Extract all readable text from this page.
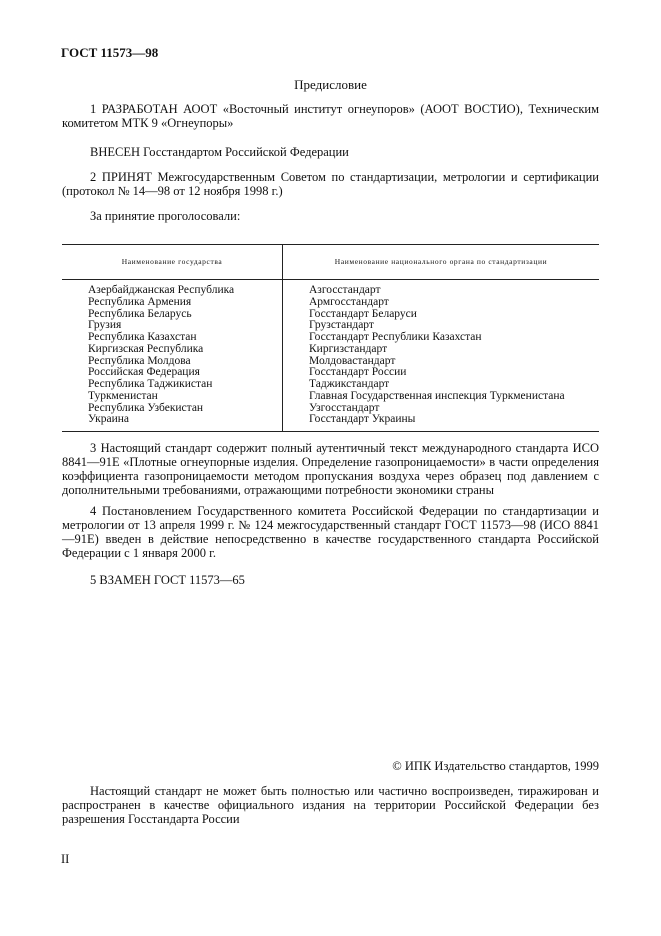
ГОСТ 11573—98
Предисловие
1 РАЗРАБОТАН АООТ «Восточный институт огнеупоров» (АООТ ВОСТИО), Техническим комитетом МТК 9 «Огнеупоры»
ВНЕСЕН Госстандартом Российской Федерации
2 ПРИНЯТ Межгосударственным Советом по стандартизации, метрологии и сертификации (протокол № 14—98 от 12 ноября 1998 г.)
За принятие проголосовали:
Наименование государства	Наименование национального органа по стандартизации
Азербайджанская Республика	Азгосстандарт
Республика Армения	Армгосстандарт
Республика Беларусь	Госстандарт Беларуси
Грузия	Грузстандарт
Республика Казахстан	Госстандарт Республики Казахстан
Киргизская Республика	Киргизстандарт
Республика Молдова	Молдовастандарт
Российская Федерация	Госстандарт России
Республика Таджикистан	Таджикстандарт
Туркменистан	Главная Государственная инспекция Туркменистана
Республика Узбекистан	Узгосстандарт
Украина	Госстандарт Украины
3 Настоящий стандарт содержит полный аутентичный текст международного стандарта ИСО 8841—91Е «Плотные огнеупорные изделия. Определение газопроницаемости» в части определения коэффициента газопроницаемости методом пропускания воздуха через образец под давлением с дополнительными требованиями, отражающими потребности экономики страны
4 Постановлением Государственного комитета Российской Федерации по стандартизации и метрологии от 13 апреля 1999 г. № 124 межгосударственный стандарт ГОСТ 11573—98 (ИСО 8841—91Е) введен в действие непосредственно в качестве государственного стандарта Российской Федерации с 1 января 2000 г.
5 ВЗАМЕН ГОСТ 11573—65
© ИПК Издательство стандартов, 1999
Настоящий стандарт не может быть полностью или частично воспроизведен, тиражирован и распространен в качестве официального издания на территории Российской Федерации без разрешения Госстандарта России
II
